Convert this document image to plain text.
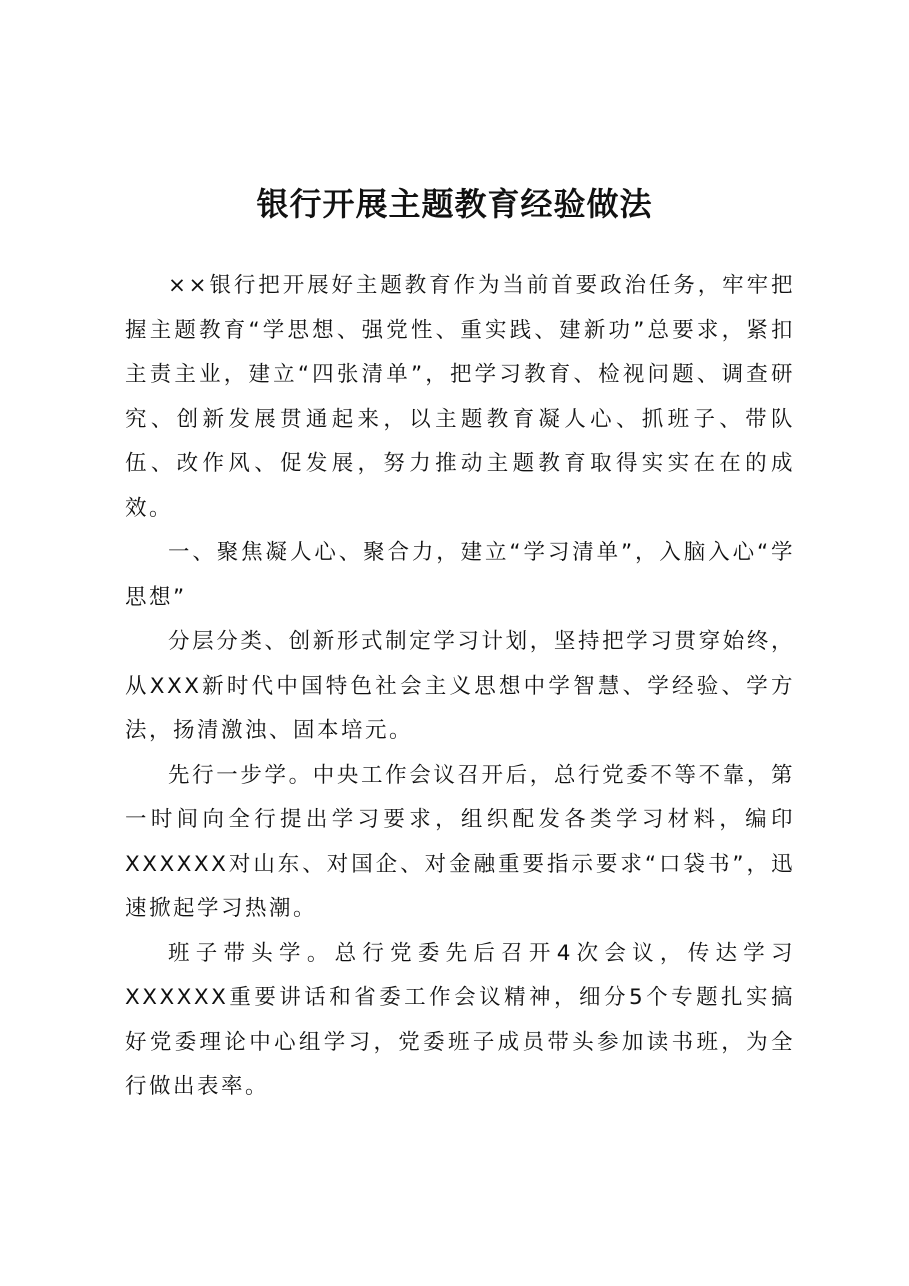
银行开展主题教育经验做法

××银行把开展好主题教育作为当前首要政治任务，牢牢把握主题教育“学思想、强党性、重实践、建新功”总要求，紧扣主责主业，建立“四张清单”，把学习教育、检视问题、调查研究、创新发展贯通起来，以主题教育凝人心、抓班子、带队伍、改作风、促发展，努力推动主题教育取得实实在在的成效。

一、聚焦凝人心、聚合力，建立“学习清单”，入脑入心“学思想”

分层分类、创新形式制定学习计划，坚持把学习贯穿始终，从XXX新时代中国特色社会主义思想中学智慧、学经验、学方法，扬清激浊、固本培元。

先行一步学。中央工作会议召开后，总行党委不等不靠，第一时间向全行提出学习要求，组织配发各类学习材料，编印XXXXXX对山东、对国企、对金融重要指示要求“口袋书”，迅速掀起学习热潮。

班子带头学。总行党委先后召开4次会议，传达学习XXXXXX重要讲话和省委工作会议精神，细分5个专题扎实搞好党委理论中心组学习，党委班子成员带头参加读书班，为全行做出表率。
